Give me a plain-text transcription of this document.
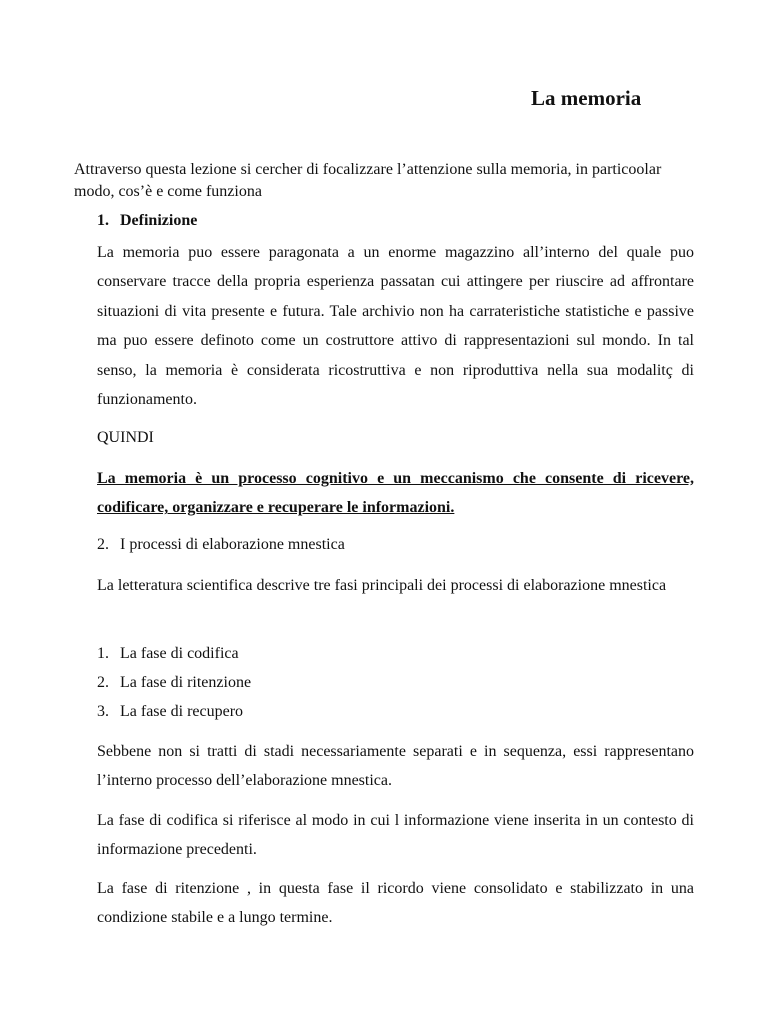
La memoria
Attraverso questa lezione si cercher di focalizzare l’attenzione sulla memoria, in particoolar modo, cos’è e come funziona
1. Definizione
La memoria puo essere paragonata a un enorme magazzino all’interno del quale puo conservare tracce della propria esperienza passatan cui attingere per riuscire ad affrontare situazioni di vita presente e futura. Tale archivio non ha carrateristiche statistiche e passive ma puo essere definoto come un costruttore attivo di rappresentazioni sul mondo. In tal senso, la memoria è considerata ricostruttiva e non riproduttiva nella sua modalitç di funzionamento.
QUINDI
La memoria è un processo cognitivo e un meccanismo che consente di ricevere, codificare, organizzare e recuperare le informazioni.
2. I processi di elaborazione mnestica
La letteratura scientifica descrive tre fasi principali dei processi di elaborazione mnestica
1. La fase di codifica
2. La fase di ritenzione
3. La fase di recupero
Sebbene non si tratti di stadi necessariamente separati e in sequenza, essi rappresentano l’interno processo dell’elaborazione mnestica.
La fase di codifica si riferisce al modo in cui l informazione viene inserita in un contesto di informazione precedenti.
La fase di ritenzione , in questa fase il ricordo viene consolidato e stabilizzato in una condizione stabile e a lungo termine.
